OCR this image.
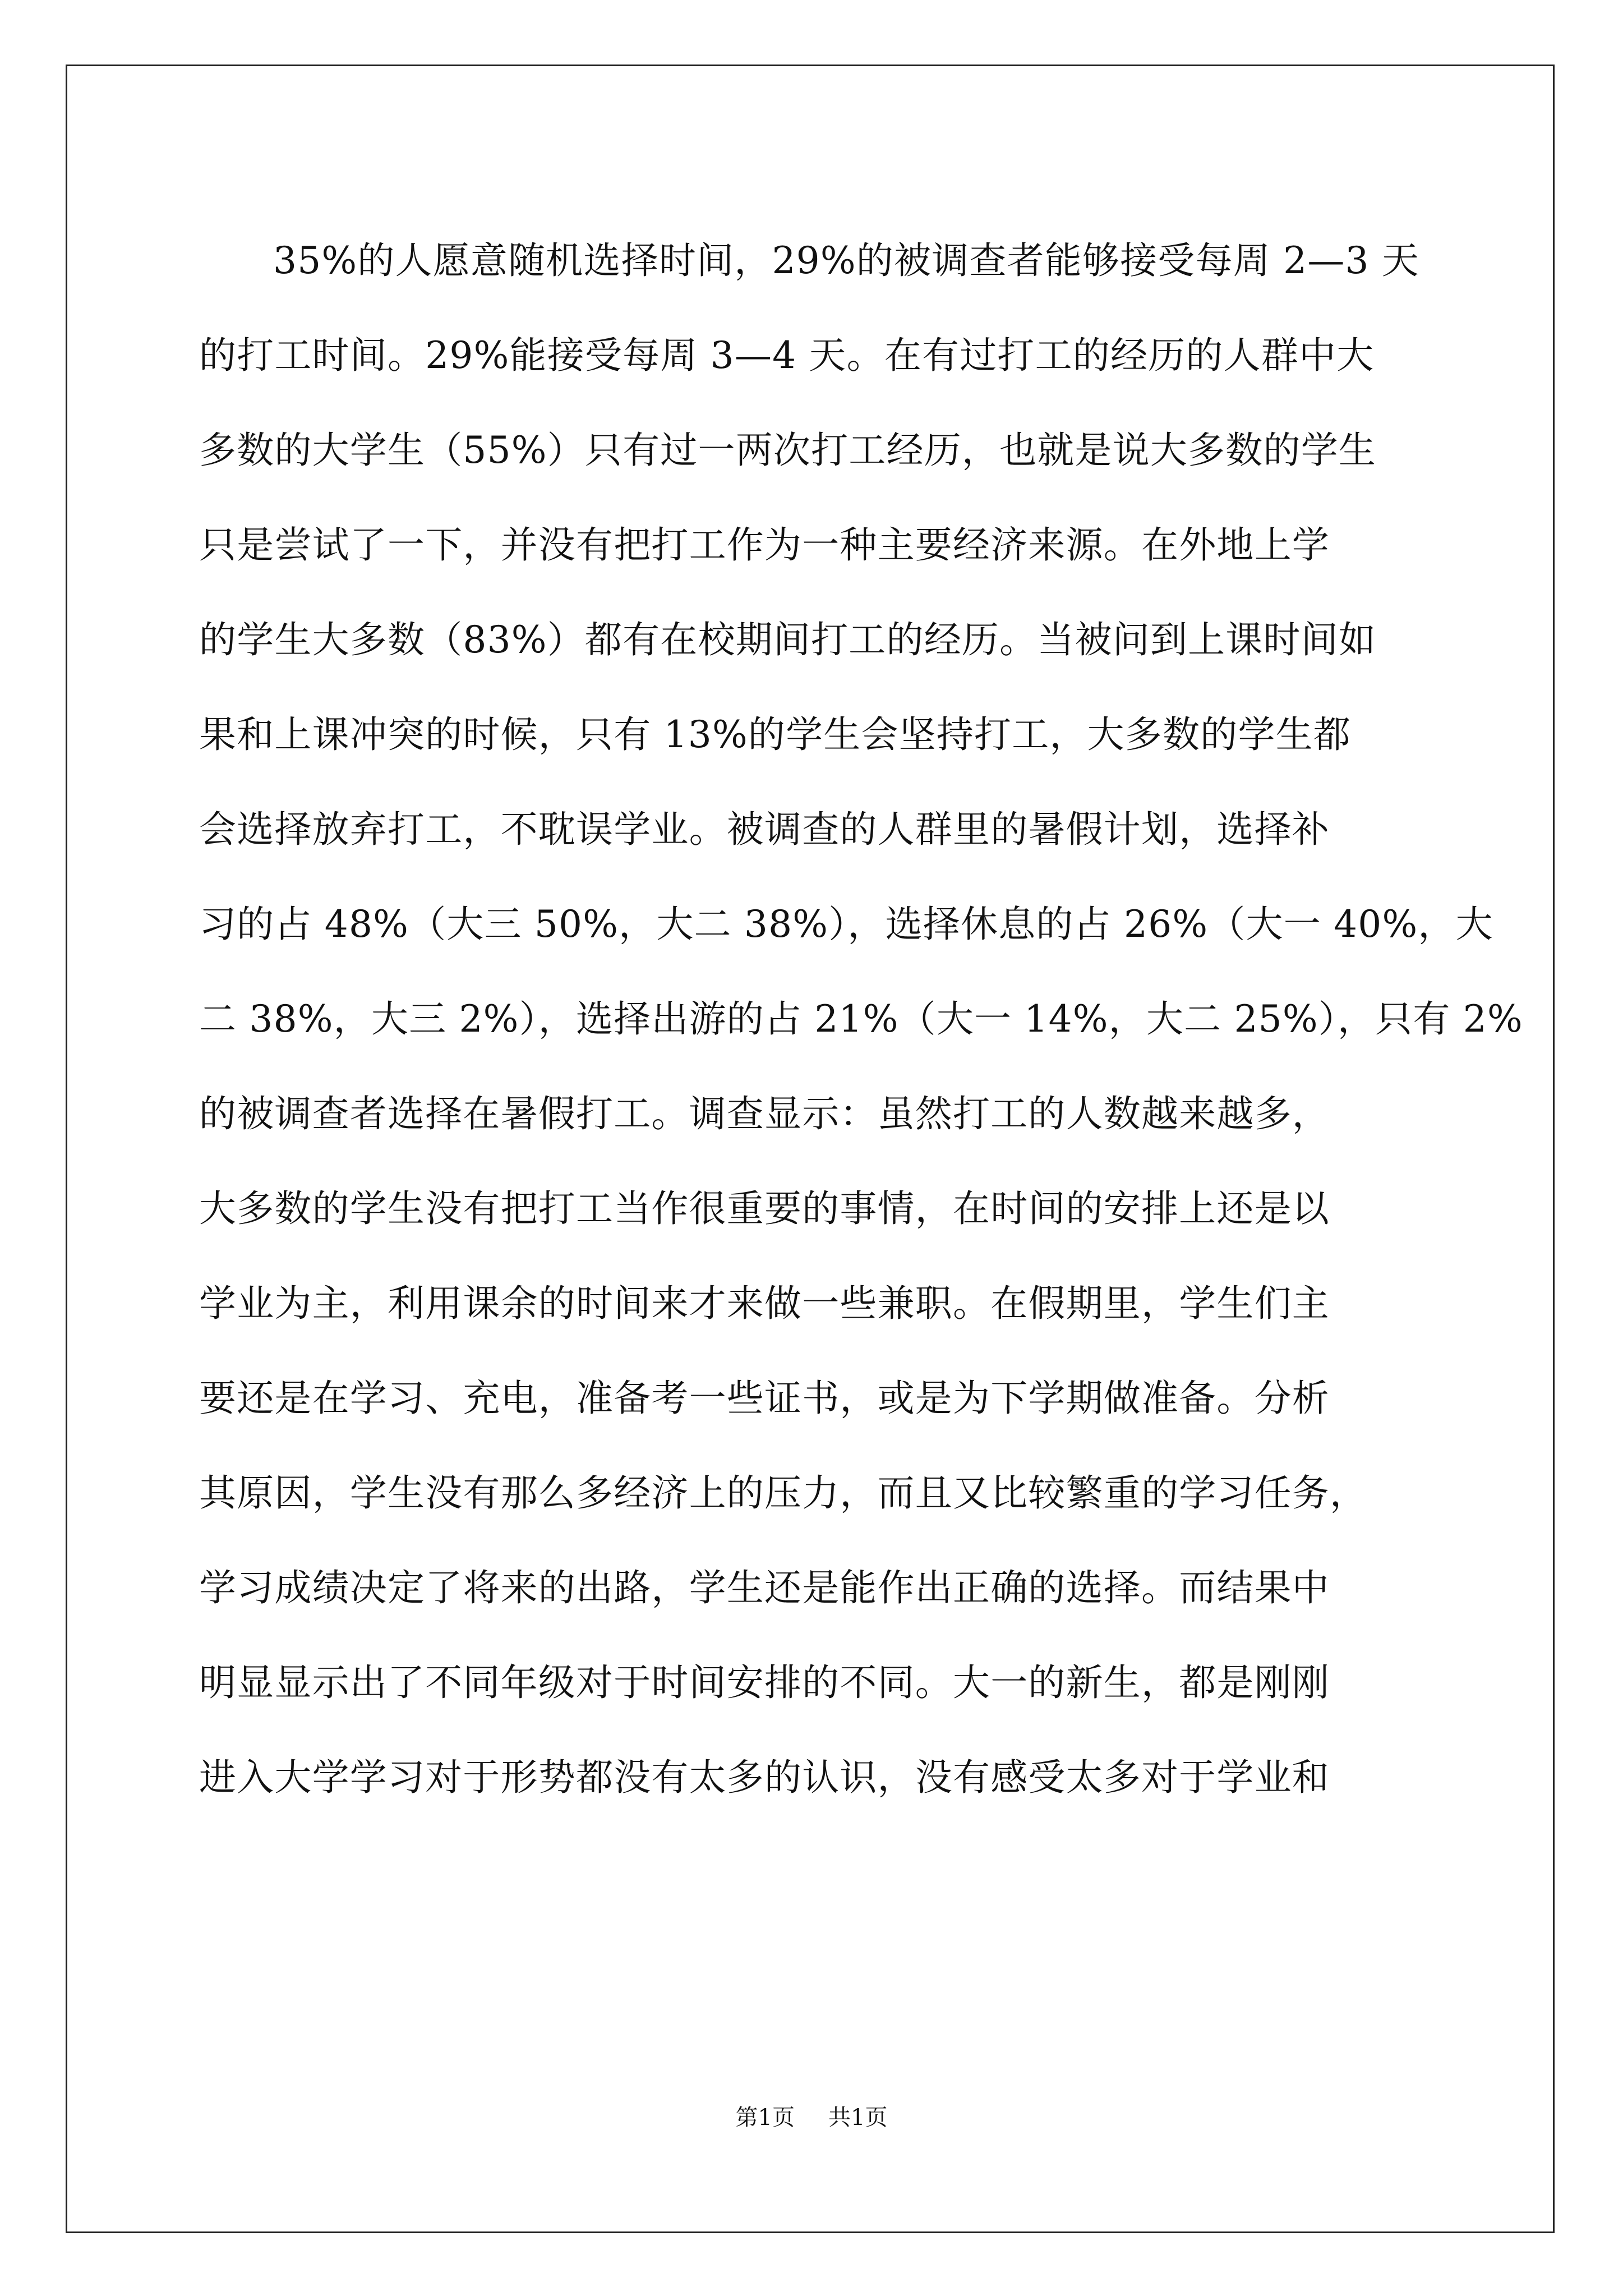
35%的人愿意随机选择时间，29%的被调查者能够接受每周 2—3 天
的打工时间。29%能接受每周 3—4 天。在有过打工的经历的人群中大
多数的大学生（55%）只有过一两次打工经历，也就是说大多数的学生
只是尝试了一下，并没有把打工作为一种主要经济来源。在外地上学
的学生大多数（83%）都有在校期间打工的经历。当被问到上课时间如
果和上课冲突的时候，只有 13%的学生会坚持打工，大多数的学生都
会选择放弃打工，不耽误学业。被调查的人群里的暑假计划，选择补
习的占 48%（大三 50%，大二 38%），选择休息的占 26%（大一 40%，大
二 38%，大三 2%），选择出游的占 21%（大一 14%，大二 25%），只有 2%
的被调查者选择在暑假打工。调查显示：虽然打工的人数越来越多，
大多数的学生没有把打工当作很重要的事情，在时间的安排上还是以
学业为主，利用课余的时间来才来做一些兼职。在假期里，学生们主
要还是在学习、充电，准备考一些证书，或是为下学期做准备。分析
其原因，学生没有那么多经济上的压力，而且又比较繁重的学习任务，
学习成绩决定了将来的出路，学生还是能作出正确的选择。而结果中
明显显示出了不同年级对于时间安排的不同。大一的新生，都是刚刚
进入大学学习对于形势都没有太多的认识，没有感受太多对于学业和
第1页 共1页
